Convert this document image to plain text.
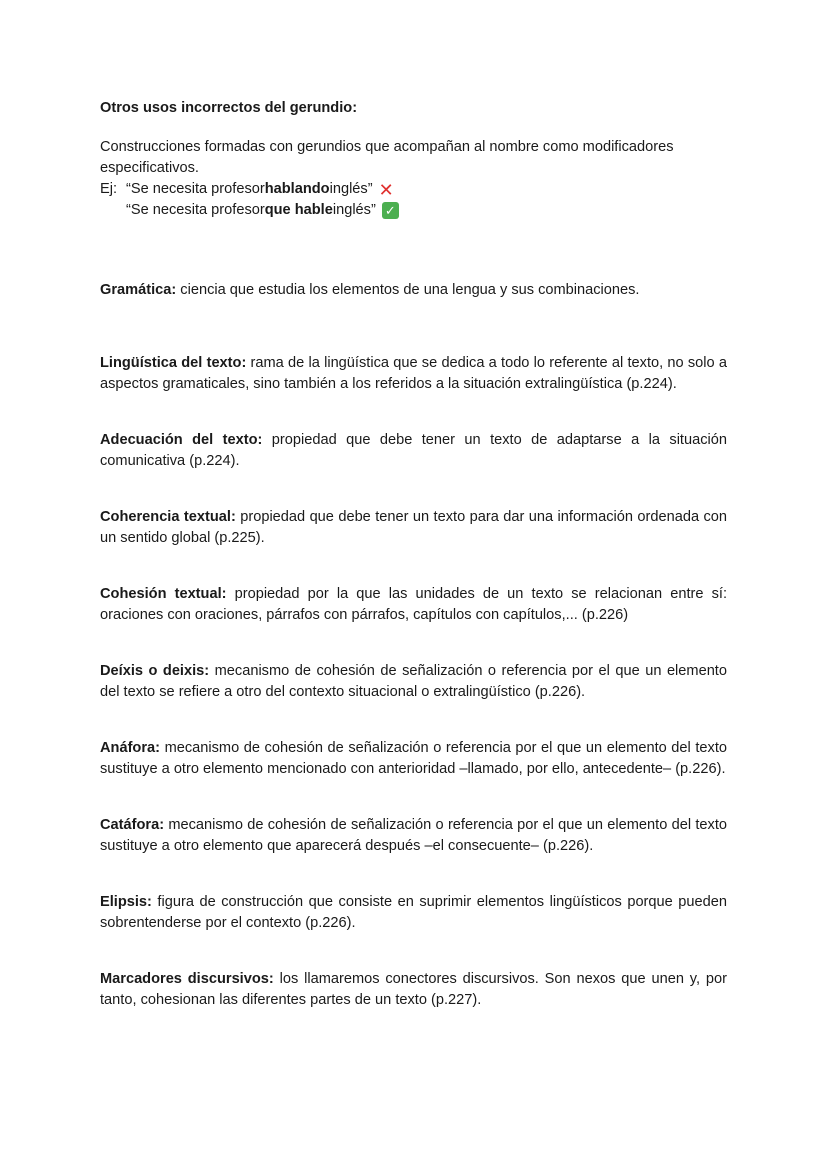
Otros usos incorrectos del gerundio:

Construcciones formadas con gerundios que acompañan al nombre como modificadores especificativos.

Ej: “Se necesita profesor hablando inglés” ✕
“Se necesita profesor que hable inglés” ✓

Gramática: ciencia que estudia los elementos de una lengua y sus combinaciones.

Lingüística del texto: rama de la lingüística que se dedica a todo lo referente al texto, no solo a aspectos gramaticales, sino también a los referidos a la situación extralingüística (p.224).

Adecuación del texto: propiedad que debe tener un texto de adaptarse a la situación comunicativa (p.224).

Coherencia textual: propiedad que debe tener un texto para dar una información ordenada con un sentido global (p.225).

Cohesión textual: propiedad por la que las unidades de un texto se relacionan entre sí: oraciones con oraciones, párrafos con párrafos, capítulos con capítulos,... (p.226)

Deíxis o deixis: mecanismo de cohesión de señalización o referencia por el que un elemento del texto se refiere a otro del contexto situacional o extralingüístico (p.226).

Anáfora: mecanismo de cohesión de señalización o referencia por el que un elemento del texto sustituye a otro elemento mencionado con anterioridad –llamado, por ello, antecedente– (p.226).

Catáfora: mecanismo de cohesión de señalización o referencia por el que un elemento del texto sustituye a otro elemento que aparecerá después –el consecuente– (p.226).

Elipsis: figura de construcción que consiste en suprimir elementos lingüísticos porque pueden sobrentenderse por el contexto (p.226).

Marcadores discursivos: los llamaremos conectores discursivos. Son nexos que unen y, por tanto, cohesionan las diferentes partes de un texto (p.227).
